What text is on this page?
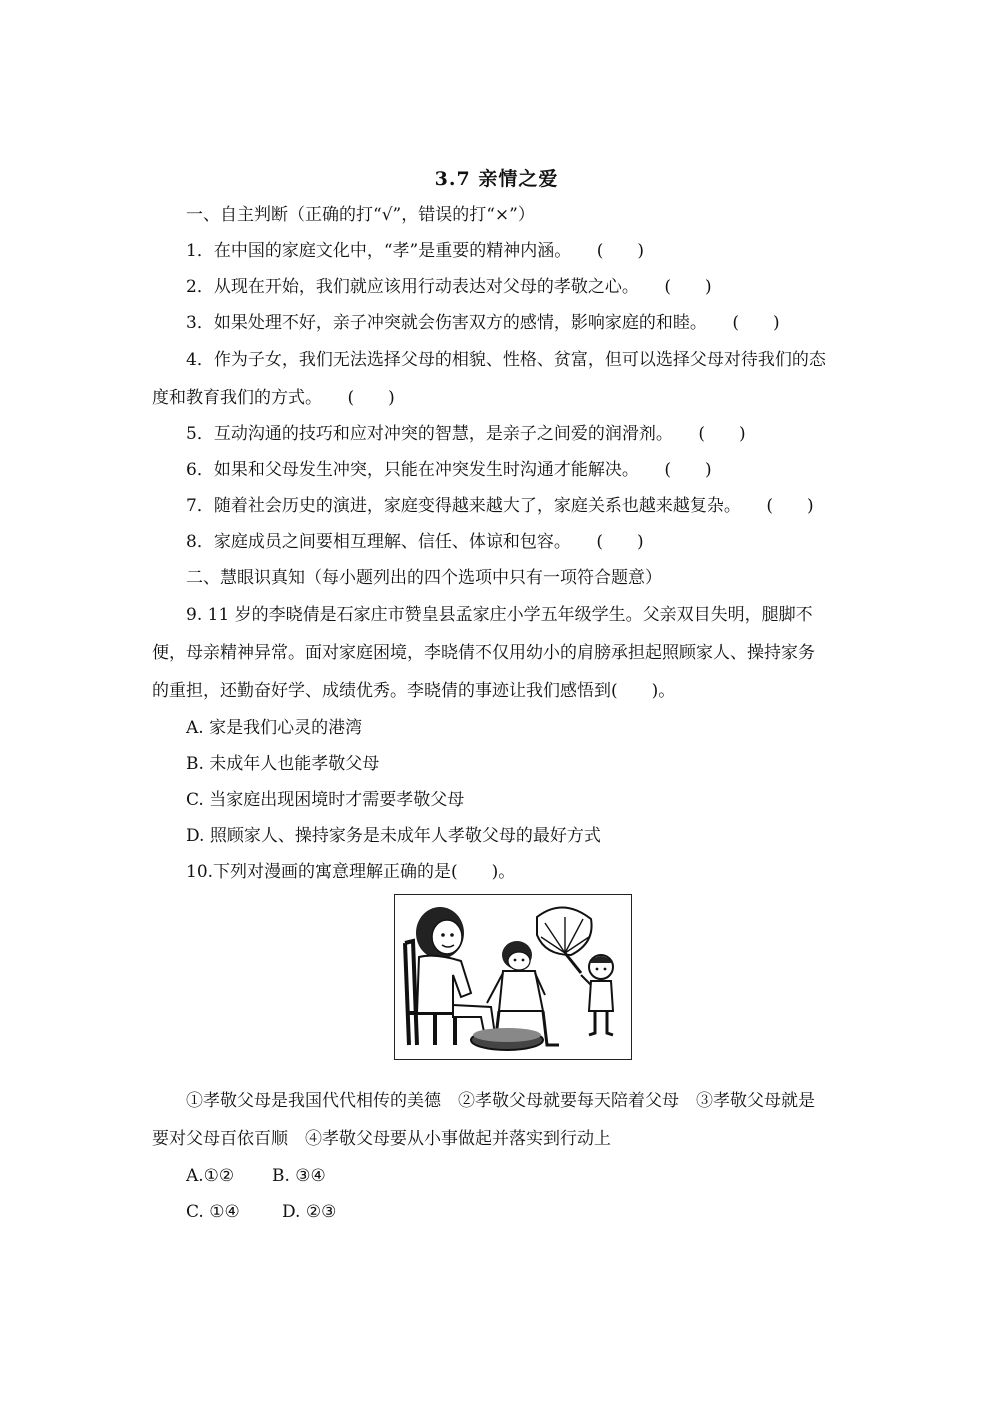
3.7 亲情之爱
一、自主判断（正确的打“√”，错误的打“×”）
1．在中国的家庭文化中，“孝”是重要的精神内涵。　　(　　)
2．从现在开始，我们就应该用行动表达对父母的孝敬之心。　　(　　)
3．如果处理不好，亲子冲突就会伤害双方的感情，影响家庭的和睦。　　(　　)
4．作为子女，我们无法选择父母的相貌、性格、贫富，但可以选择父母对待我们的态
度和教育我们的方式。　　(　　)
5．互动沟通的技巧和应对冲突的智慧，是亲子之间爱的润滑剂。　　(　　)
6．如果和父母发生冲突，只能在冲突发生时沟通才能解决。　　(　　)
7．随着社会历史的演进，家庭变得越来越大了，家庭关系也越来越复杂。　　(　　)
8．家庭成员之间要相互理解、信任、体谅和包容。　　(　　)
二、慧眼识真知（每小题列出的四个选项中只有一项符合题意）
9. 11 岁的李晓倩是石家庄市赞皇县孟家庄小学五年级学生。父亲双目失明，腿脚不
便，母亲精神异常。面对家庭困境，李晓倩不仅用幼小的肩膀承担起照顾家人、操持家务
的重担，还勤奋好学、成绩优秀。李晓倩的事迹让我们感悟到(　　)。
A. 家是我们心灵的港湾
B. 未成年人也能孝敬父母
C. 当家庭出现困境时才需要孝敬父母
D. 照顾家人、操持家务是未成年人孝敬父母的最好方式
10.下列对漫画的寓意理解正确的是(　　)。
①孝敬父母是我国代代相传的美德　②孝敬父母就要每天陪着父母　③孝敬父母就是
要对父母百依百顺　④孝敬父母要从小事做起并落实到行动上
A.①② B. ③④
C. ①④ D. ②③
